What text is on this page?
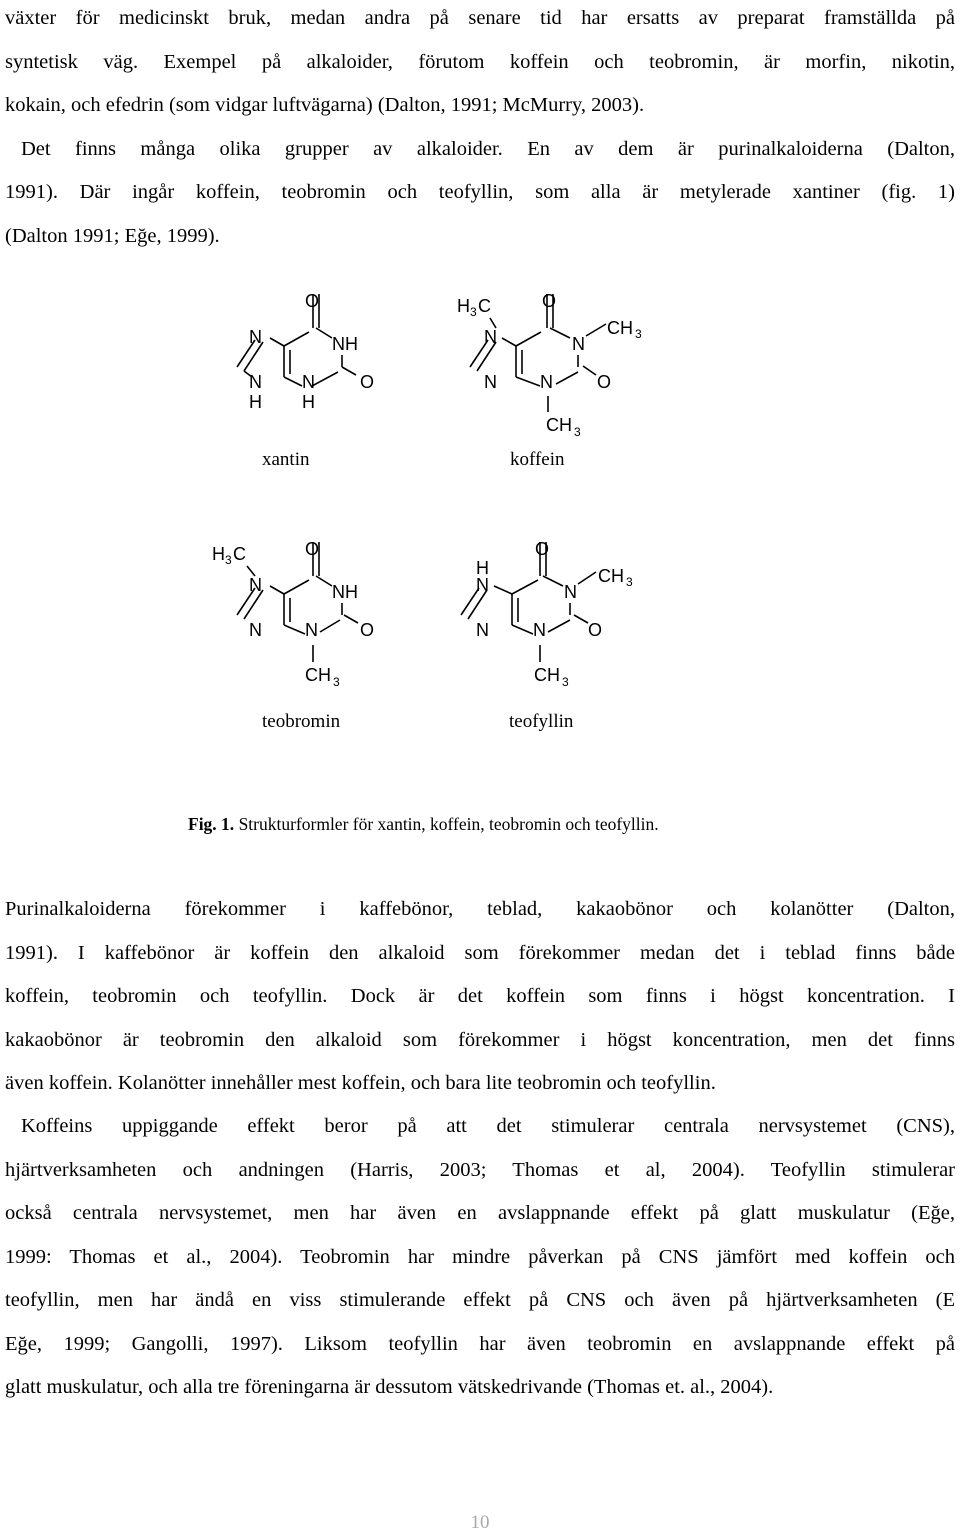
växter för medicinskt bruk, medan andra på senare tid har ersatts av preparat framställda på
syntetisk väg. Exempel på alkaloider, förutom koffein och teobromin, är morfin, nikotin,
kokain, och efedrin (som vidgar luftvägarna) (Dalton, 1991; McMurry, 2003).
Det finns många olika grupper av alkaloider. En av dem är purinalkaloiderna (Dalton,
1991). Där ingår koffein, teobromin och teofyllin, som alla är metylerade xantiner (fig. 1)
(Dalton 1991; Eğe, 1999).
O
N	NH
N N	O
H H
xantin
H 3 C	O
N	N
CH 3
N N O
CH 3
koffein
H 3 C	O
N	NH
N N O
CH 3
teobromin
O
H
N	N
CH 3
N N O
CH 3
teofyllin
Fig. 1. Strukturformler för xantin, koffein, teobromin och teofyllin.
Purinalkaloiderna förekommer i kaffebönor, teblad, kakaobönor och kolanötter (Dalton,
1991). I kaffebönor är koffein den alkaloid som förekommer medan det i teblad finns både
koffein, teobromin och teofyllin. Dock är det koffein som finns i högst koncentration. I
kakaobönor är teobromin den alkaloid som förekommer i högst koncentration, men det finns
även koffein. Kolanötter innehåller mest koffein, och bara lite teobromin och teofyllin.
Koffeins uppiggande effekt beror på att det stimulerar centrala nervsystemet (CNS),
hjärtverksamheten och andningen (Harris, 2003; Thomas et al, 2004). Teofyllin stimulerar
också centrala nervsystemet, men har även en avslappnande effekt på glatt muskulatur (Eğe,
1999: Thomas et al., 2004). Teobromin har mindre påverkan på CNS jämfört med koffein och
teofyllin, men har ändå en viss stimulerande effekt på CNS och även på hjärtverksamheten (E
Eğe, 1999; Gangolli, 1997). Liksom teofyllin har även teobromin en avslappnande effekt på
glatt muskulatur, och alla tre föreningarna är dessutom vätskedrivande (Thomas et. al., 2004).
10
